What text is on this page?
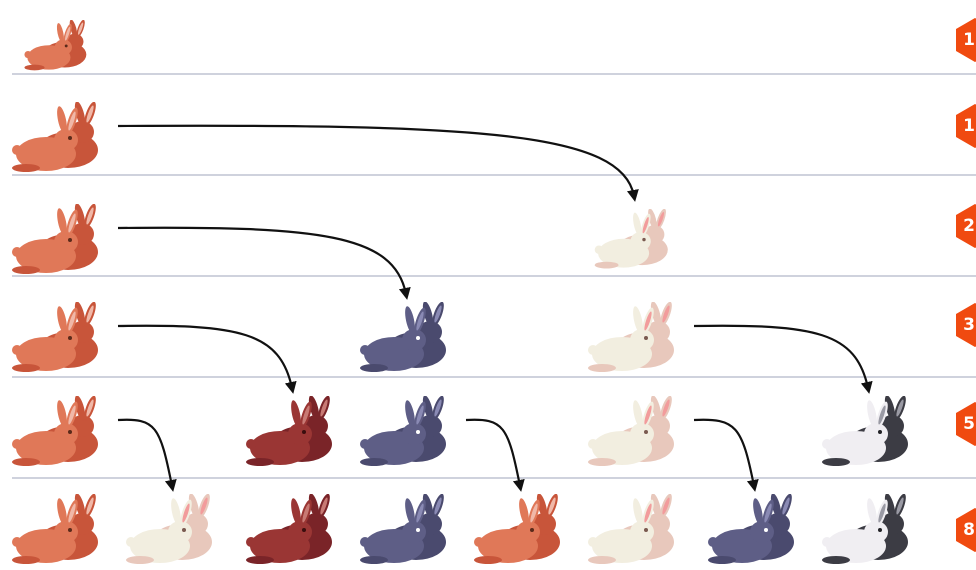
1
1
2
3
5
8
